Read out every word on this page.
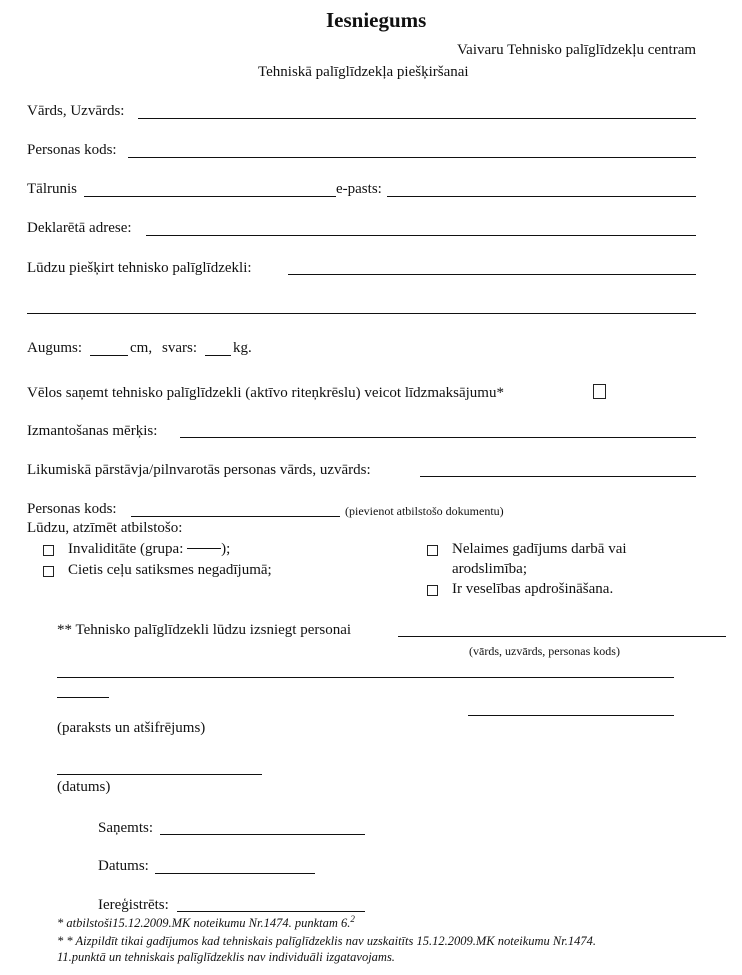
Iesniegums
Vaivaru Tehnisko palīglīdzekļu centram
Tehniskā palīglīdzekļa piešķiršanai
Vārds, Uzvārds:
Personas kods:
Tālrunis	e-pasts:
Deklarētā adrese:
Lūdzu piešķirt tehnisko palīglīdzekli:
Augums:	cm, svars: kg.
Vēlos saņemt tehnisko palīglīdzekli (aktīvo riteņkrēslu) veicot līdzmaksājumu*
Izmantošanas mērķis:
Likumiskā pārstāvja/pilnvarotās personas vārds, uzvārds:
Personas kods:	(pievienot atbilstošo dokumentu)
Lūdzu, atzīmēt atbilstošo:
Invaliditāte (grupa: );
Cietis ceļu satiksmes negadījumā;
Nelaimes gadījums darbā vai
arodslimība;
Ir veselības apdrošināšana.
** Tehnisko palīglīdzekli lūdzu izsniegt personai
(vārds, uzvārds, personas kods)
(paraksts un atšifrējums)
(datums)
Saņemts:
Datums:
Iereģistrēts:
* atbilstoši15.12.2009.MK noteikumu Nr.1474. punktam 6.$^2$
* * Aizpildīt tikai gadījumos kad tehniskais palīglīdzeklis nav uzskaitīts 15.12.2009.MK noteikumu Nr.1474.
11.punktā un tehniskais palīglīdzeklis nav individuāli izgatavojams.
